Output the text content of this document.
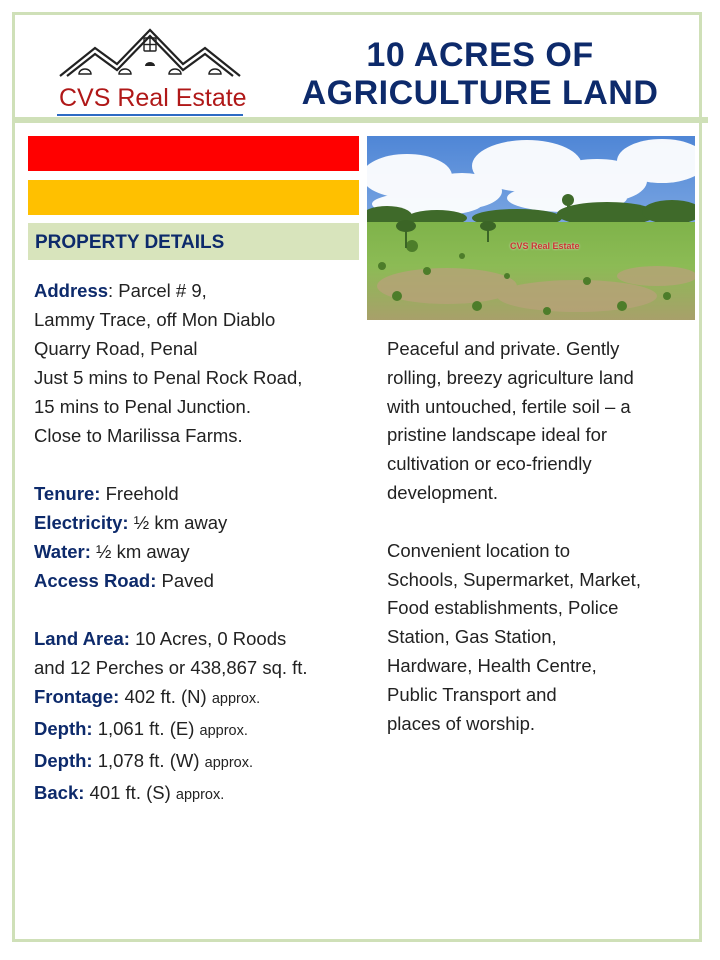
CVS Real Estate
10 ACRES OF
AGRICULTURE LAND
PROPERTY DETAILS	CVS Real Estate
Address: Parcel # 9,
Lammy Trace, off Mon Diablo
Quarry Road, Penal
Just 5 mins to Penal Rock Road,
15 mins to Penal Junction.
Close to Marilissa Farms.
Tenure: Freehold
Electricity: ½ km away
Water: ½ km away
Access Road: Paved
Land Area: 10 Acres, 0 Roods
and 12 Perches or 438,867 sq. ft.
Frontage: 402 ft. (N) approx.
Depth: 1,061 ft. (E) approx.
Depth: 1,078 ft. (W) approx.
Back: 401 ft. (S) approx.
Peaceful and private. Gently
rolling, breezy agriculture land
with untouched, fertile soil – a
pristine landscape ideal for
cultivation or eco-friendly
development.
Convenient location to
Schools, Supermarket, Market,
Food establishments, Police
Station, Gas Station,
Hardware, Health Centre,
Public Transport and
places of worship.
